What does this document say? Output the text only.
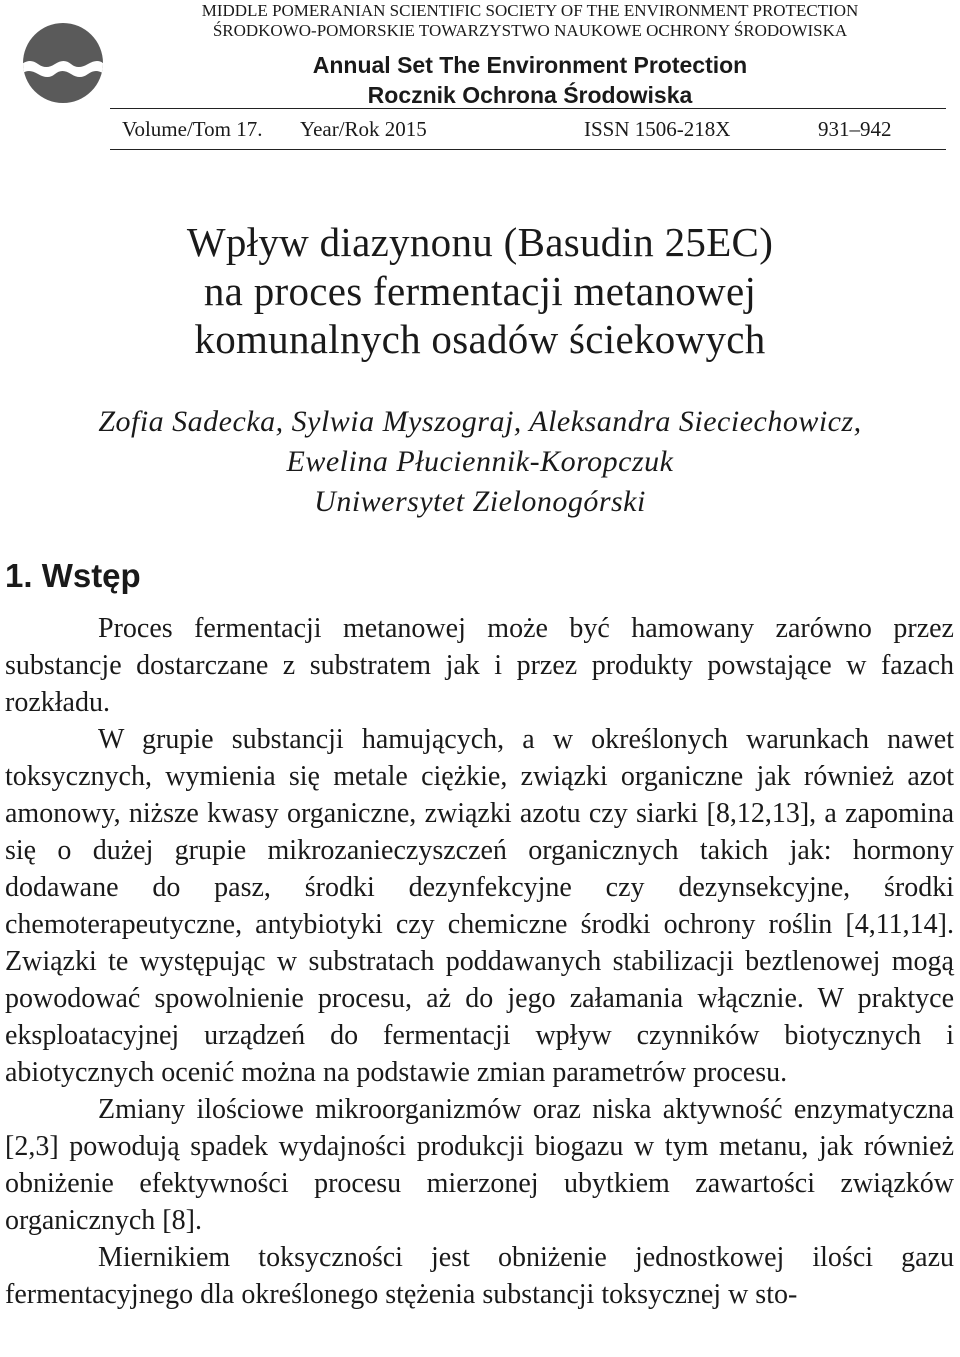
MIDDLE POMERANIAN SCIENTIFIC SOCIETY OF THE ENVIRONMENT PROTECTION
ŚRODKOWO-POMORSKIE TOWARZYSTWO NAUKOWE OCHRONY ŚRODOWISKA
Annual Set The Environment Protection
Rocznik Ochrona Środowiska
Volume/Tom 17. Year/Rok 2015	ISSN 1506-218X	931–942
Wpływ diazynonu (Basudin 25EC)
na proces fermentacji metanowej
komunalnych osadów ściekowych
Zofia Sadecka, Sylwia Myszograj, Aleksandra Sieciechowicz,
Ewelina Płuciennik-Koropczuk
Uniwersytet Zielonogórski
1. Wstęp

Proces fermentacji metanowej może być hamowany zarówno przez substancje dostarczane z substratem jak i przez produkty powstające w fazach rozkładu.

W grupie substancji hamujących, a w określonych warunkach nawet toksycznych, wymienia się metale ciężkie, związki organiczne jak również azot amonowy, niższe kwasy organiczne, związki azotu czy siarki [8,12,13], a zapomina się o dużej grupie mikrozanieczyszczeń organicznych takich jak: hormony dodawane do pasz, środki dezynfekcyjne czy dezynsekcyjne, środki chemoterapeutyczne, antybiotyki czy chemiczne środki ochrony roślin [4,11,14]. Związki te występując w substratach poddawanych stabilizacji beztlenowej mogą powodować spowolnienie procesu, aż do jego załamania włącznie. W praktyce eksploatacyjnej urządzeń do fermentacji wpływ czynników biotycznych i abiotycznych ocenić można na podstawie zmian parametrów procesu.

Zmiany ilościowe mikroorganizmów oraz niska aktywność enzymatyczna [2,3] powodują spadek wydajności produkcji biogazu w tym metanu, jak również obniżenie efektywności procesu mierzonej ubytkiem zawartości związków organicznych [8].

Miernikiem toksyczności jest obniżenie jednostkowej ilości gazu fermentacyjnego dla określonego stężenia substancji toksycznej w sto-
